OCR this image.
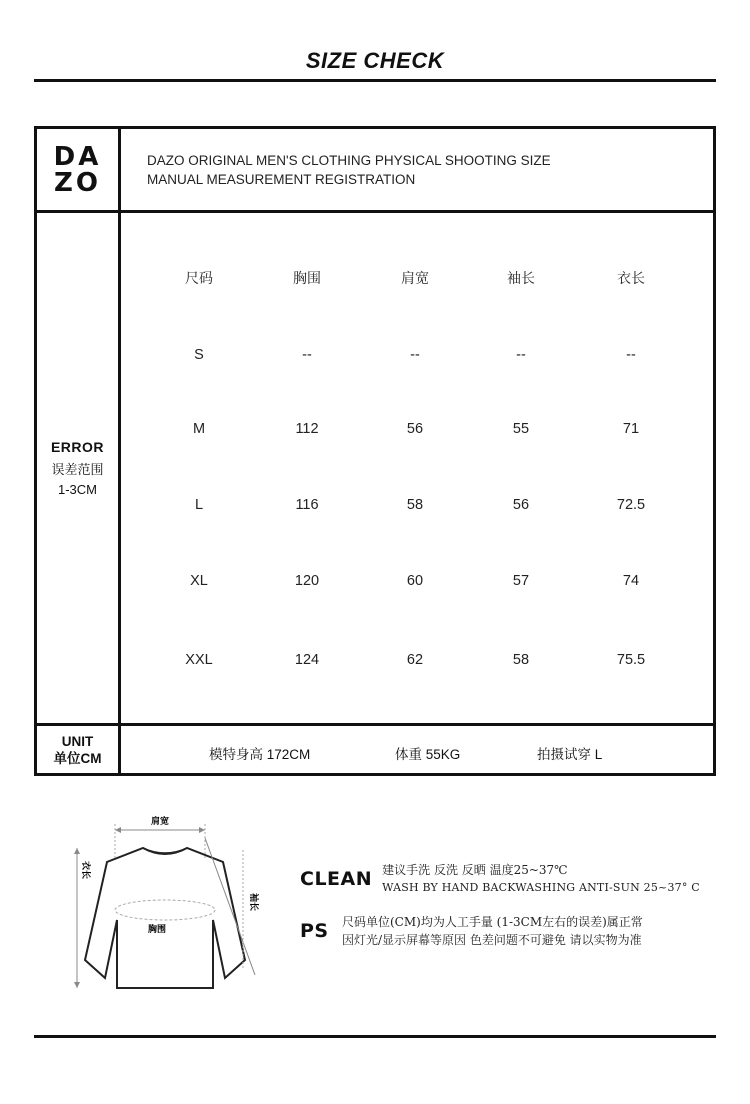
SIZE CHECK
DA
ZO
DAZO ORIGINAL MEN'S CLOTHING PHYSICAL SHOOTING SIZE
MANUAL MEASUREMENT REGISTRATION
ERROR
误差范围
1-3CM
尺码	胸围	肩宽	袖长	衣长
S	--	--	--	--
M	112	56	55	71
L	116	58	56	72.5
XL	120	60	57	74
XXL	124	62	58	75.5
UNIT
单位CM	模特身高 172CM	体重 55KG	拍摄试穿 L
肩宽
衣长
袖长
胸围
CLEAN 建议手洗 反洗 反晒 温度25~37℃
WASH BY HAND BACKWASHING ANTI-SUN 25~37° C
PS 尺码单位(CM)均为人工手量 (1-3CM左右的误差)属正常
因灯光/显示屏幕等原因 色差问题不可避免 请以实物为准
